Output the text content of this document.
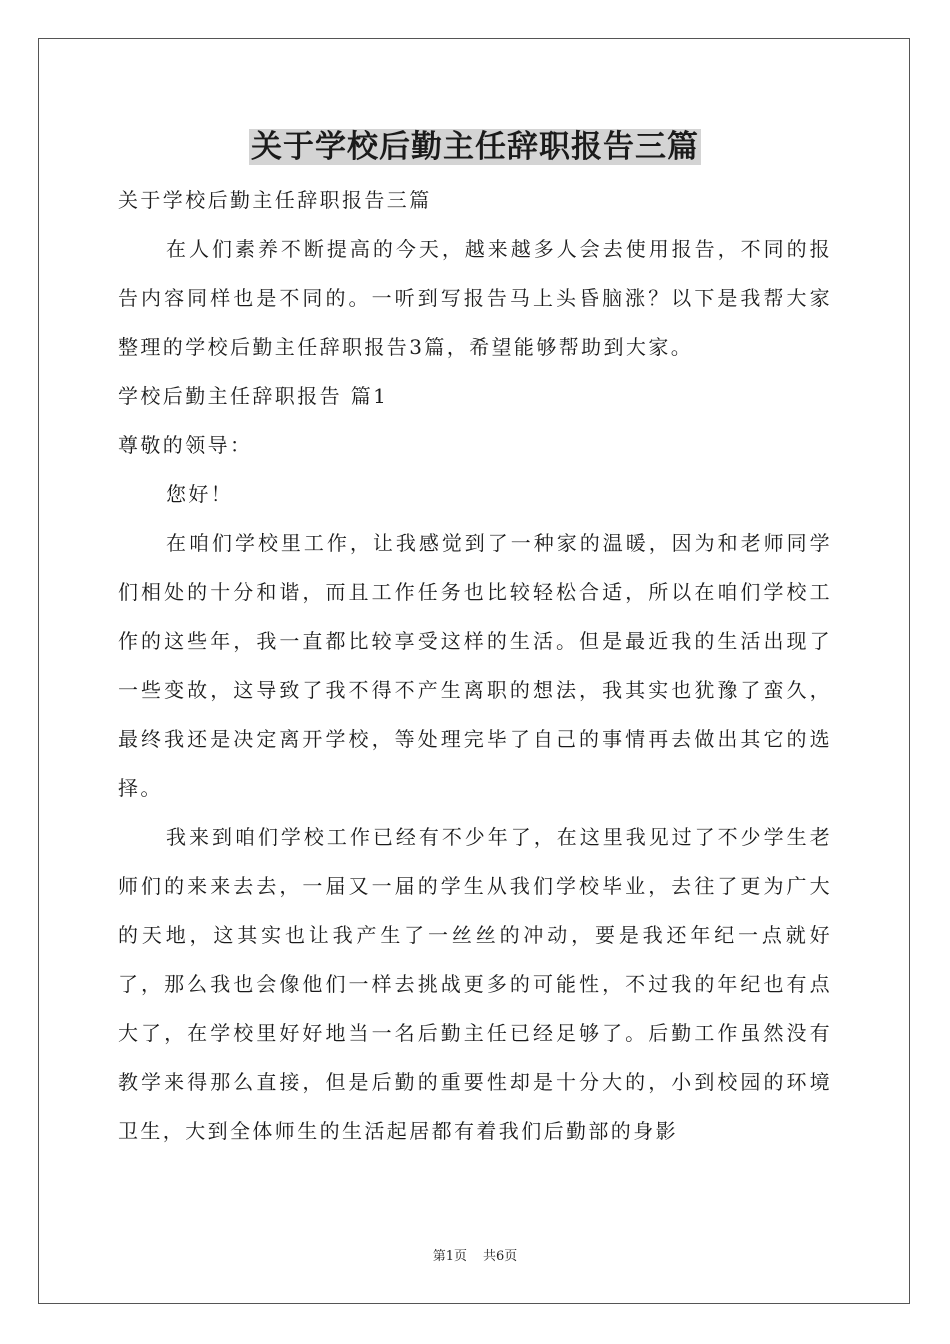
关于学校后勤主任辞职报告三篇

关于学校后勤主任辞职报告三篇

在人们素养不断提高的今天，越来越多人会去使用报告，不同的报告内容同样也是不同的。一听到写报告马上头昏脑涨？以下是我帮大家整理的学校后勤主任辞职报告3篇，希望能够帮助到大家。

学校后勤主任辞职报告 篇1

尊敬的领导：

您好！

在咱们学校里工作，让我感觉到了一种家的温暖，因为和老师同学们相处的十分和谐，而且工作任务也比较轻松合适，所以在咱们学校工作的这些年，我一直都比较享受这样的生活。但是最近我的生活出现了一些变故，这导致了我不得不产生离职的想法，我其实也犹豫了蛮久，最终我还是决定离开学校，等处理完毕了自己的事情再去做出其它的选择。

我来到咱们学校工作已经有不少年了，在这里我见过了不少学生老师们的来来去去，一届又一届的学生从我们学校毕业，去往了更为广大的天地，这其实也让我产生了一丝丝的冲动，要是我还年纪一点就好了，那么我也会像他们一样去挑战更多的可能性，不过我的年纪也有点大了，在学校里好好地当一名后勤主任已经足够了。后勤工作虽然没有教学来得那么直接，但是后勤的重要性却是十分大的，小到校园的环境卫生，大到全体师生的生活起居都有着我们后勤部的身影

第1页 共6页
